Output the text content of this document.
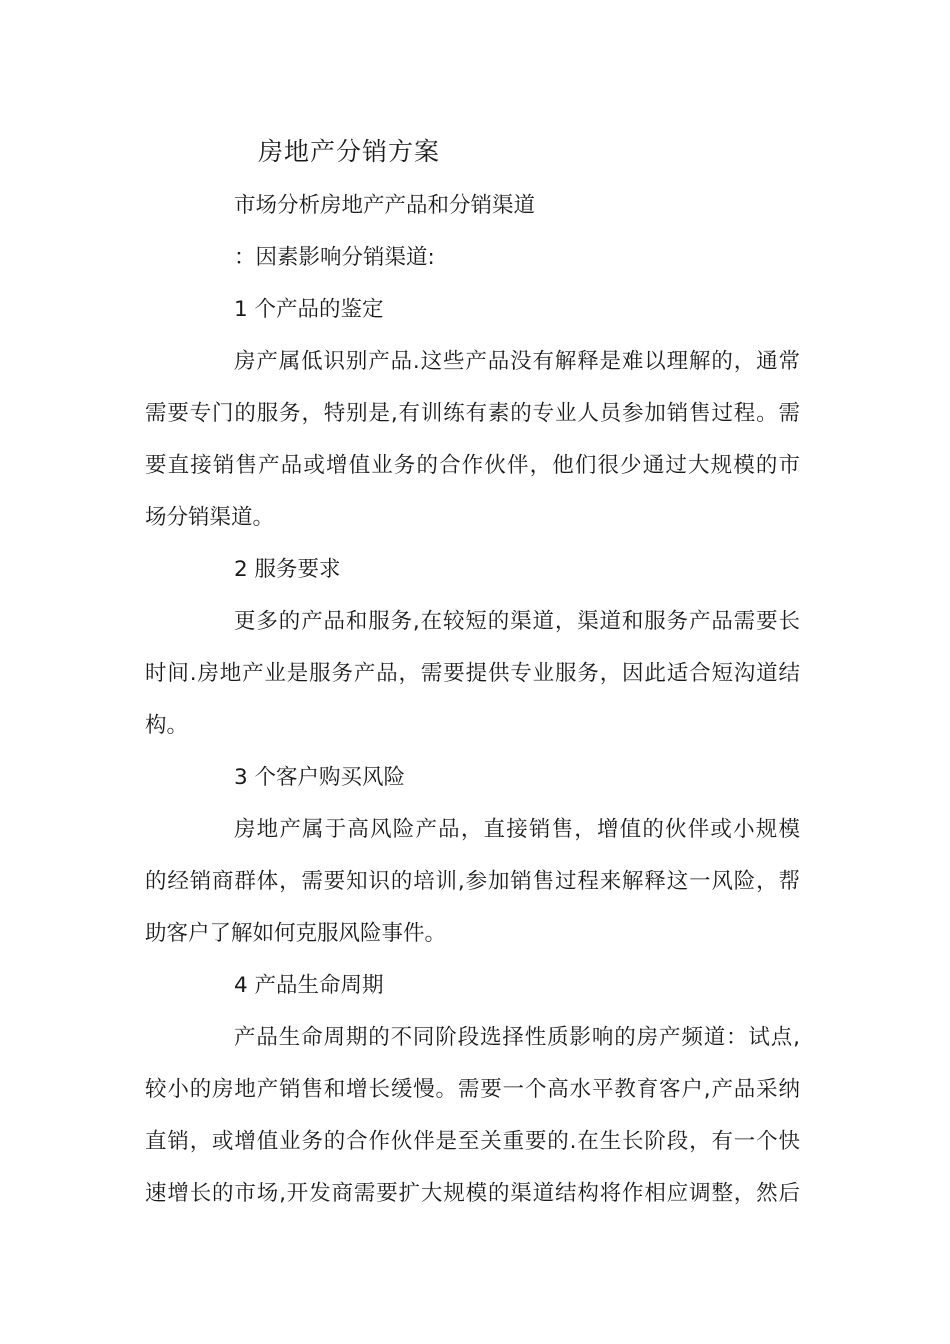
房地产分销方案

市场分析房地产产品和分销渠道

：因素影响分销渠道:

1 个产品的鉴定

房产属低识别产品.这些产品没有解释是难以理解的，通常

需要专门的服务，特别是,有训练有素的专业人员参加销售过程。需

要直接销售产品或增值业务的合作伙伴，他们很少通过大规模的市

场分销渠道。

2 服务要求

更多的产品和服务,在较短的渠道，渠道和服务产品需要长

时间.房地产业是服务产品，需要提供专业服务，因此适合短沟道结

构。

3 个客户购买风险

房地产属于高风险产品，直接销售，增值的伙伴或小规模

的经销商群体，需要知识的培训,参加销售过程来解释这一风险，帮

助客户了解如何克服风险事件。

4 产品生命周期

产品生命周期的不同阶段选择性质影响的房产频道：试点,

较小的房地产销售和增长缓慢。需要一个高水平教育客户,产品采纳

直销，或增值业务的合作伙伴是至关重要的.在生长阶段，有一个快

速增长的市场,开发商需要扩大规模的渠道结构将作相应调整，然后
